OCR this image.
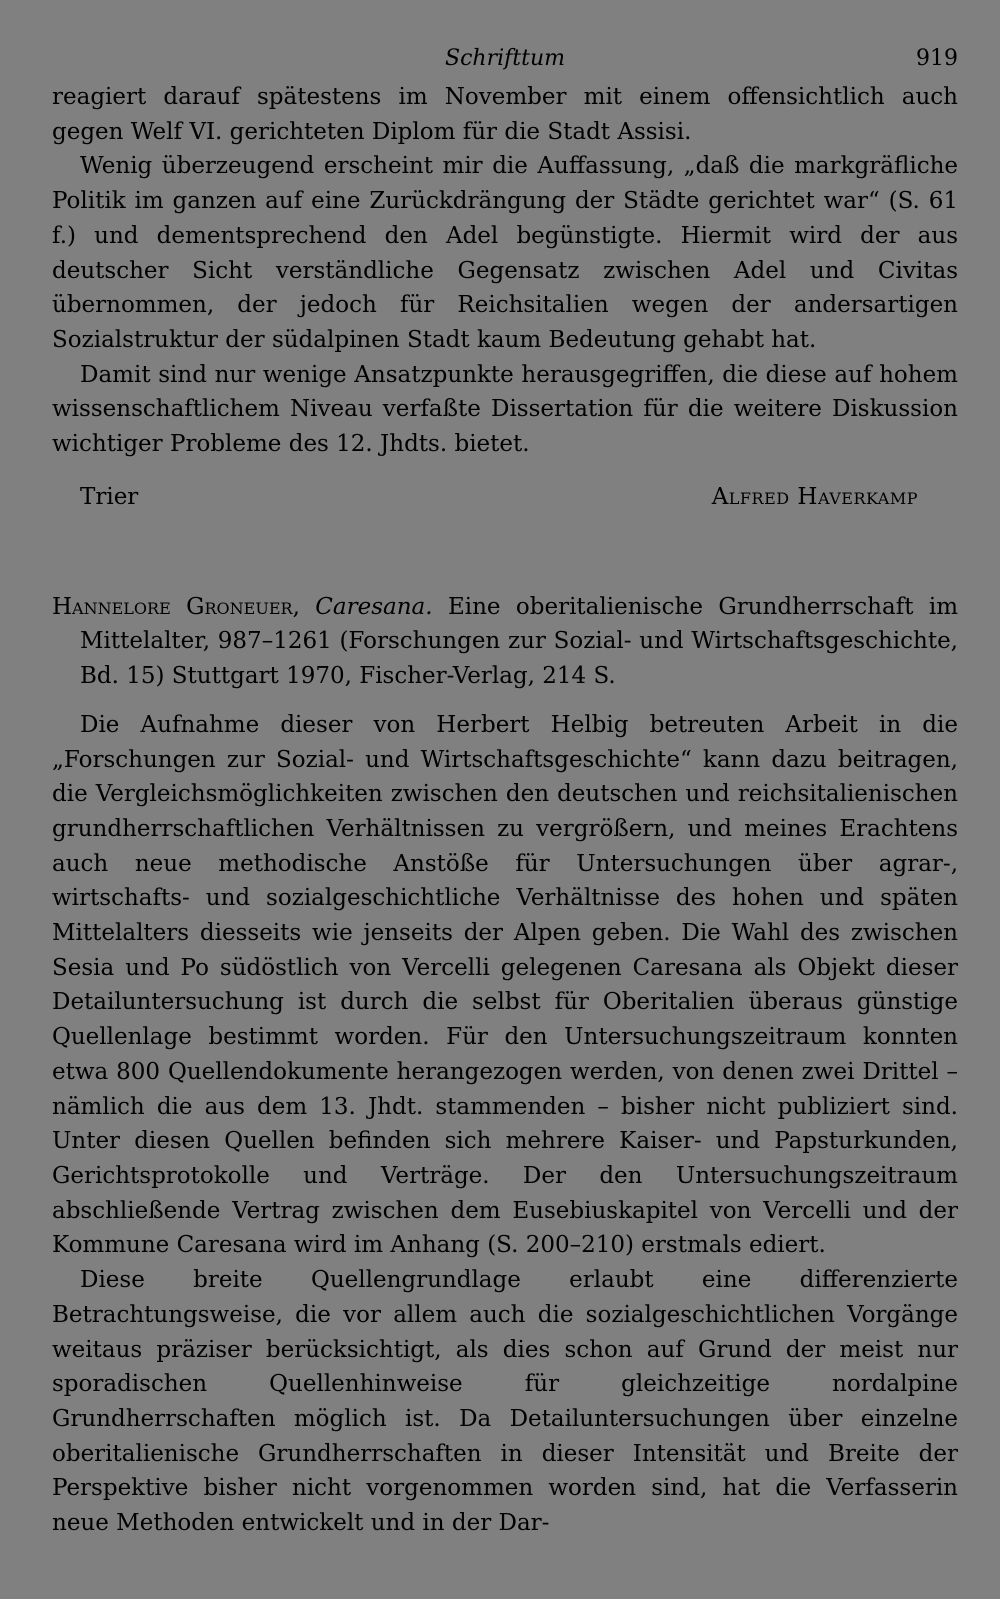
Schrifttum	919

reagiert darauf spätestens im November mit einem offensichtlich auch gegen Welf VI. gerichteten Diplom für die Stadt Assisi.

Wenig überzeugend erscheint mir die Auffassung, „daß die markgräfliche Politik im ganzen auf eine Zurückdrängung der Städte gerichtet war“ (S. 61 f.) und dementsprechend den Adel begünstigte. Hiermit wird der aus deutscher Sicht verständliche Gegensatz zwischen Adel und Civitas übernommen, der jedoch für Reichsitalien wegen der andersartigen Sozialstruktur der südalpinen Stadt kaum Bedeutung gehabt hat.

Damit sind nur wenige Ansatzpunkte herausgegriffen, die diese auf hohem wissenschaftlichem Niveau verfaßte Dissertation für die weitere Diskussion wichtiger Probleme des 12. Jhdts. bietet.

Trier	Alfred Haverkamp

Hannelore Groneuer, Caresana. Eine oberitalienische Grundherrschaft im Mittelalter, 987–1261 (Forschungen zur Sozial- und Wirtschaftsgeschichte, Bd. 15) Stuttgart 1970, Fischer-Verlag, 214 S.

Die Aufnahme dieser von Herbert Helbig betreuten Arbeit in die „Forschungen zur Sozial- und Wirtschaftsgeschichte“ kann dazu beitragen, die Vergleichsmöglichkeiten zwischen den deutschen und reichsitalienischen grundherrschaftlichen Verhältnissen zu vergrößern, und meines Erachtens auch neue methodische Anstöße für Untersuchungen über agrar-, wirtschafts- und sozialgeschichtliche Verhältnisse des hohen und späten Mittelalters diesseits wie jenseits der Alpen geben. Die Wahl des zwischen Sesia und Po südöstlich von Vercelli gelegenen Caresana als Objekt dieser Detailuntersuchung ist durch die selbst für Oberitalien überaus günstige Quellenlage bestimmt worden. Für den Untersuchungszeitraum konnten etwa 800 Quellendokumente herangezogen werden, von denen zwei Drittel – nämlich die aus dem 13. Jhdt. stammenden – bisher nicht publiziert sind. Unter diesen Quellen befinden sich mehrere Kaiser- und Papsturkunden, Gerichtsprotokolle und Verträge. Der den Untersuchungszeitraum abschließende Vertrag zwischen dem Eusebiuskapitel von Vercelli und der Kommune Caresana wird im Anhang (S. 200–210) erstmals ediert.

Diese breite Quellengrundlage erlaubt eine differenzierte Betrachtungsweise, die vor allem auch die sozialgeschichtlichen Vorgänge weitaus präziser berücksichtigt, als dies schon auf Grund der meist nur sporadischen Quellenhinweise für gleichzeitige nordalpine Grundherrschaften möglich ist. Da Detailuntersuchungen über einzelne oberitalienische Grundherrschaften in dieser Intensität und Breite der Perspektive bisher nicht vorgenommen worden sind, hat die Verfasserin neue Methoden entwickelt und in der Dar-
